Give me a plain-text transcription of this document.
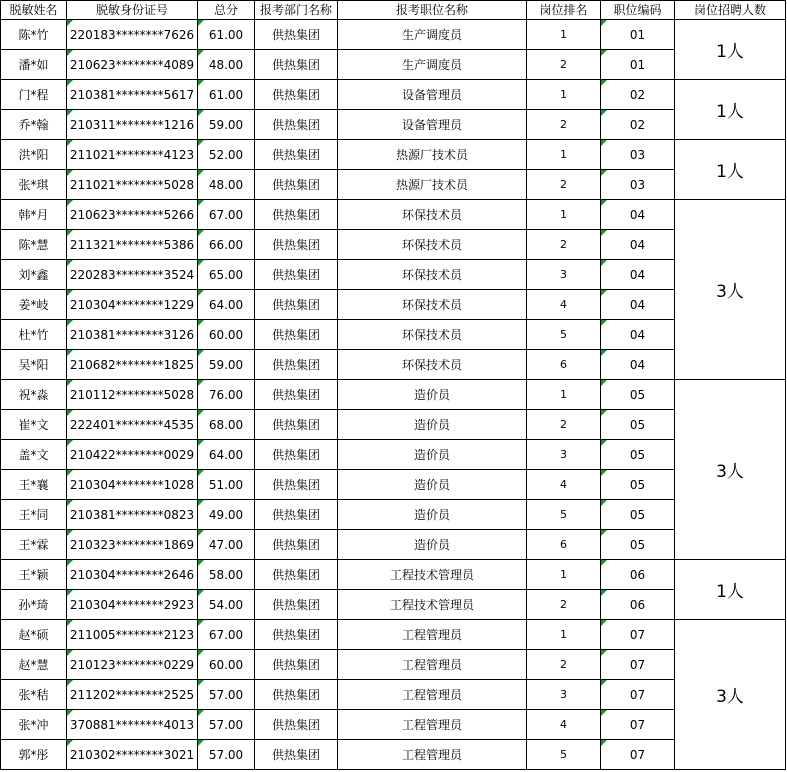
脱敏姓名	脱敏身份证号	总分	报考部门名称	报考职位名称	岗位排名	职位编码	岗位招聘人数
陈*竹	220183********7626	61.00	供热集团	生产调度员	1	01	1人
潘*如	210623********4089	48.00	供热集团	生产调度员	2	01	
门*程	210381********5617	61.00	供热集团	设备管理员	1	02	1人
乔*翰	210311********1216	59.00	供热集团	设备管理员	2	02	
洪*阳	211021********4123	52.00	供热集团	热源厂技术员	1	03	1人
张*琪	211021********5028	48.00	供热集团	热源厂技术员	2	03	
韩*月	210623********5266	67.00	供热集团	环保技术员	1	04	3人
陈*慧	211321********5386	66.00	供热集团	环保技术员	2	04	
刘*鑫	220283********3524	65.00	供热集团	环保技术员	3	04	
姜*岐	210304********1229	64.00	供热集团	环保技术员	4	04	
杜*竹	210381********3126	60.00	供热集团	环保技术员	5	04	
吴*阳	210682********1825	59.00	供热集团	环保技术员	6	04	
祝*淼	210112********5028	76.00	供热集团	造价员	1	05	3人
崔*文	222401********4535	68.00	供热集团	造价员	2	05	
盖*文	210422********0029	64.00	供热集团	造价员	3	05	
王*襄	210304********1028	51.00	供热集团	造价员	4	05	
王*同	210381********0823	49.00	供热集团	造价员	5	05	
王*霖	210323********1869	47.00	供热集团	造价员	6	05	
王*颖	210304********2646	58.00	供热集团	工程技术管理员	1	06	1人
孙*琦	210304********2923	54.00	供热集团	工程技术管理员	2	06	
赵*硕	211005********2123	67.00	供热集团	工程管理员	1	07	3人
赵*慧	210123********0229	60.00	供热集团	工程管理员	2	07	
张*秸	211202********2525	57.00	供热集团	工程管理员	3	07	
张*冲	370881********4013	57.00	供热集团	工程管理员	4	07	
郭*彤	210302********3021	57.00	供热集团	工程管理员	5	07	
